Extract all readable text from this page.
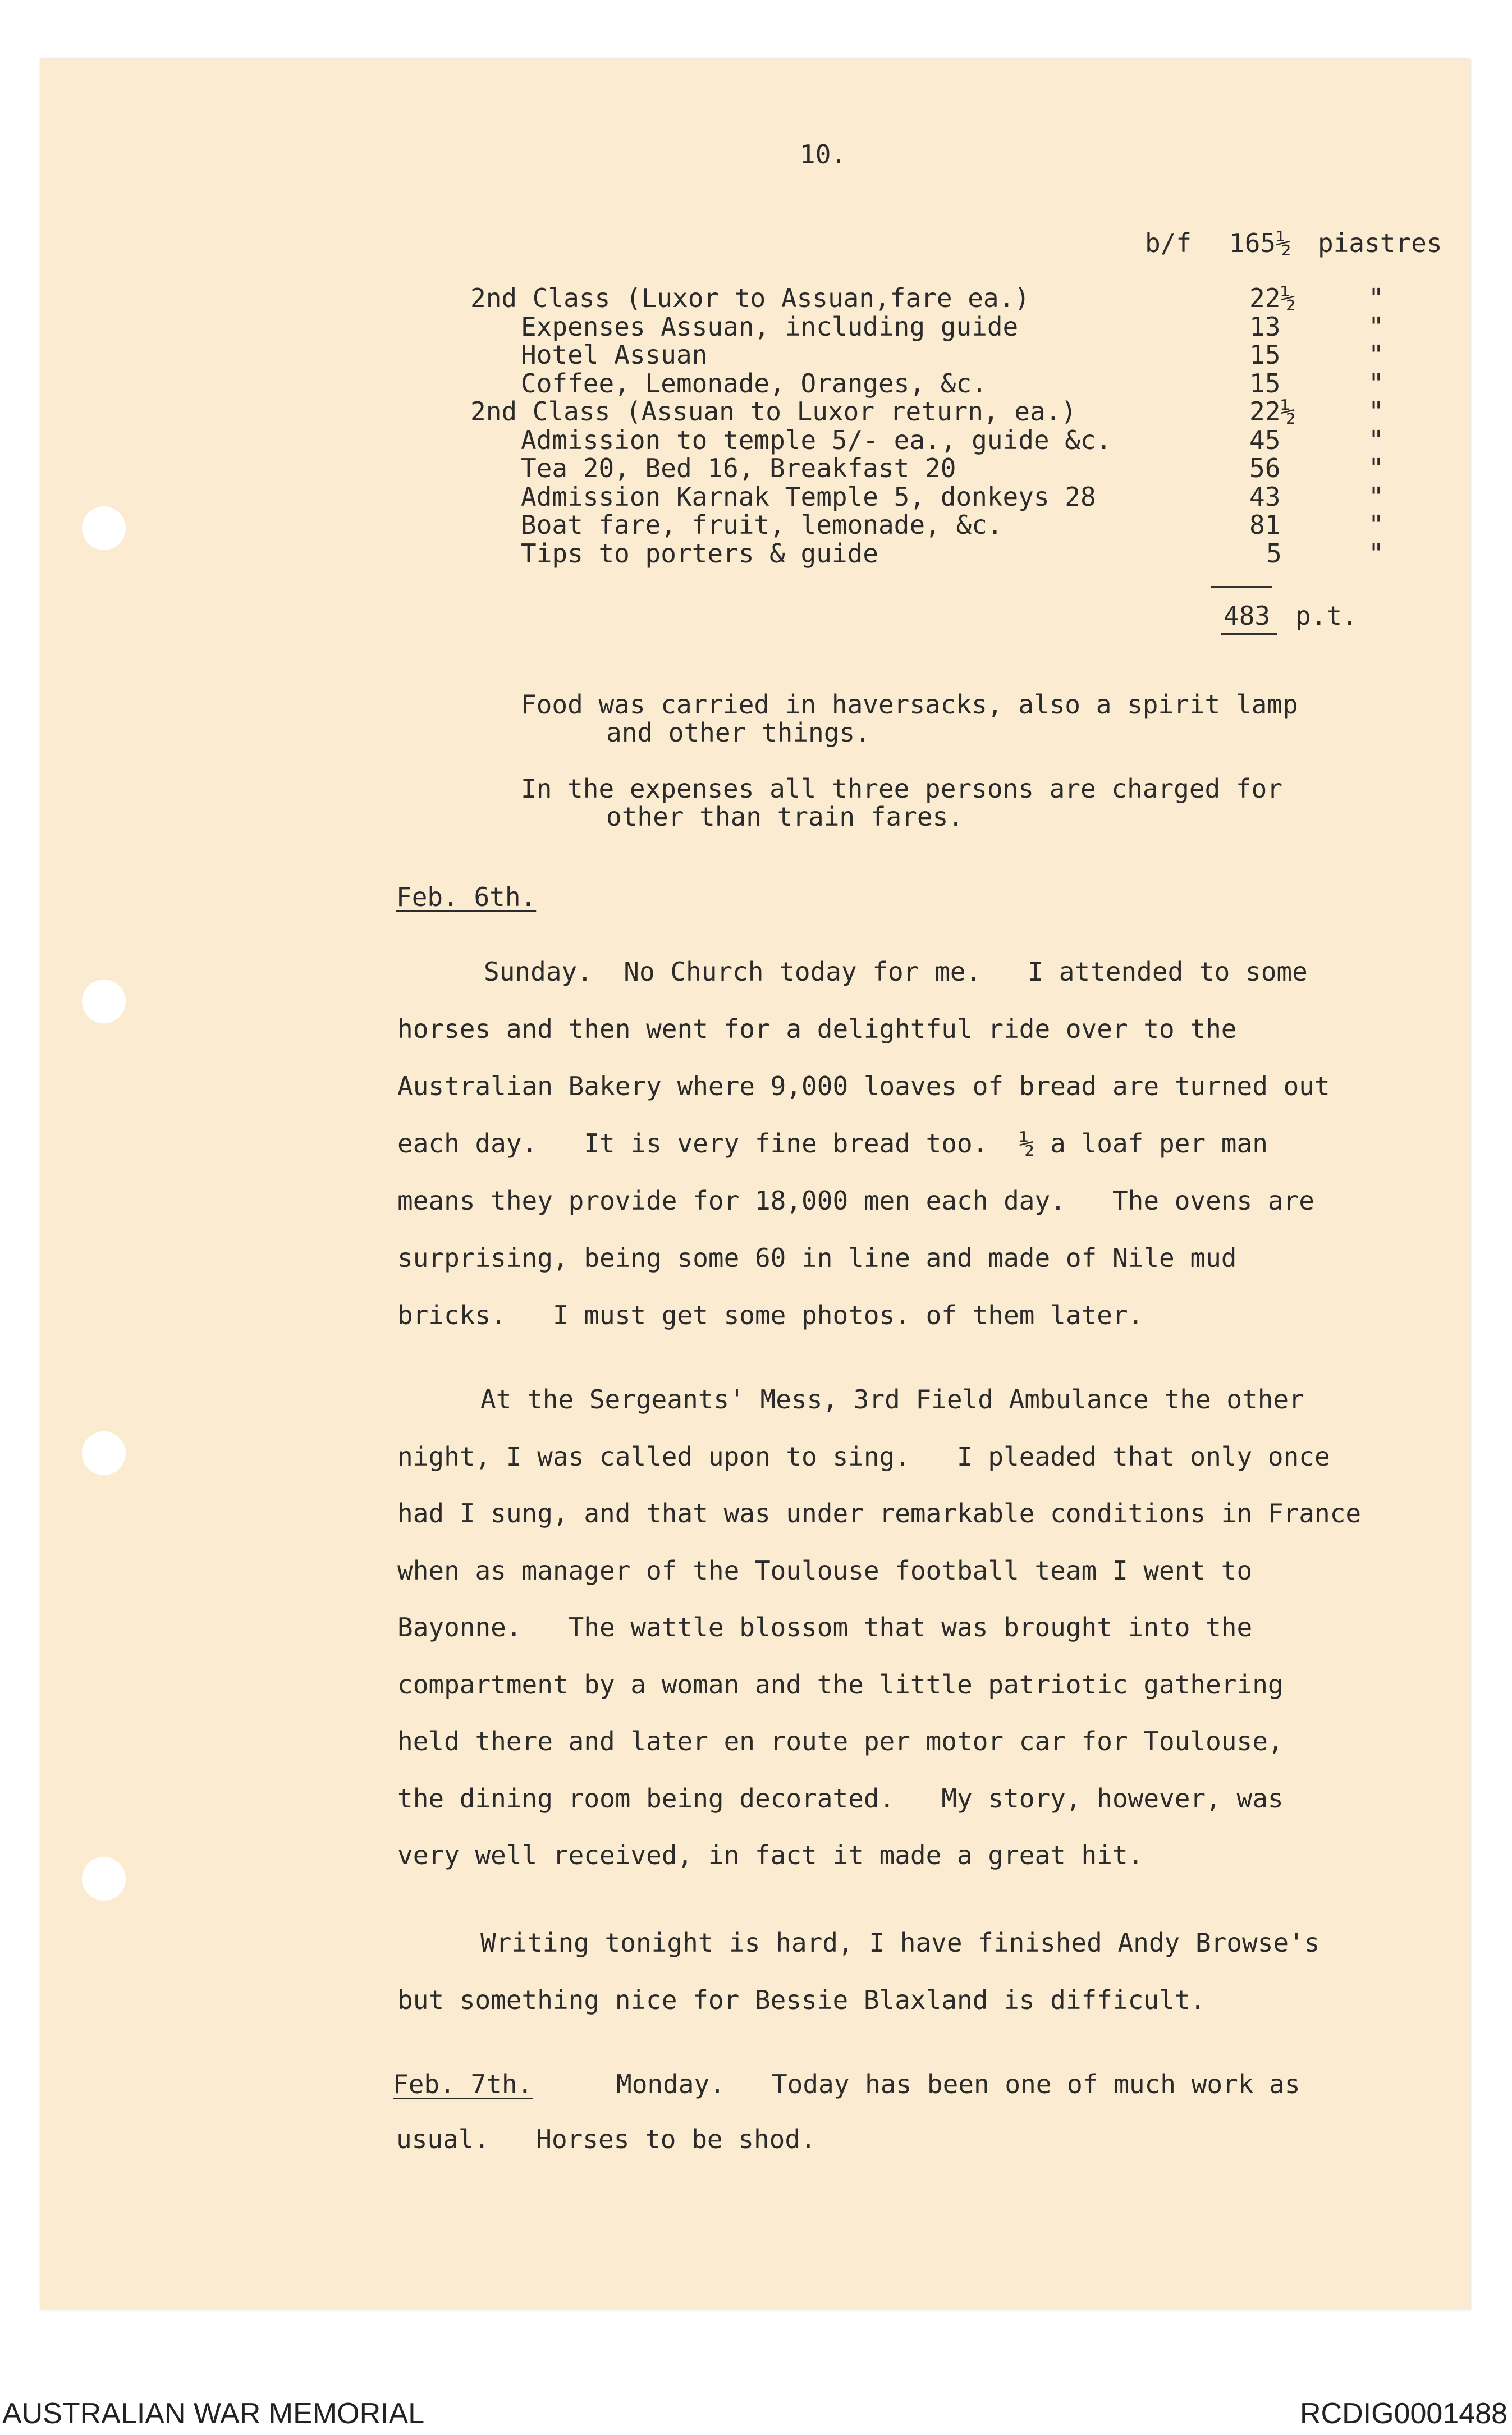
10.
b/f 165½ piastres
2nd Class (Luxor to Assuan,fare ea.)	22½	"
Expenses Assuan, including guide	13	"
Hotel Assuan	15	"
Coffee, Lemonade, Oranges, &c.	15	"
2nd Class (Assuan to Luxor return, ea.)	22½	"
Admission to temple 5/- ea., guide &c.	45	"
Tea 20, Bed 16, Breakfast 20	56	"
Admission Karnak Temple 5, donkeys 28	43	"
Boat fare, fruit, lemonade, &c.	81	"
Tips to porters & guide	5	"
483 p.t.
Food was carried in haversacks, also a spirit lamp
and other things.
In the expenses all three persons are charged for
other than train fares.
Feb. 6th.
Sunday.  No Church today for me.   I attended to some
horses and then went for a delightful ride over to the
Australian Bakery where 9,000 loaves of bread are turned out
each day.   It is very fine bread too.  ½ a loaf per man
means they provide for 18,000 men each day.   The ovens are
surprising, being some 60 in line and made of Nile mud
bricks.   I must get some photos. of them later.
At the Sergeants' Mess, 3rd Field Ambulance the other
night, I was called upon to sing.   I pleaded that only once
had I sung, and that was under remarkable conditions in France
when as manager of the Toulouse football team I went to
Bayonne.   The wattle blossom that was brought into the
compartment by a woman and the little patriotic gathering
held there and later en route per motor car for Toulouse,
the dining room being decorated.   My story, however, was
very well received, in fact it made a great hit.
Writing tonight is hard, I have finished Andy Browse's
but something nice for Bessie Blaxland is difficult.
Feb. 7th.	Monday.   Today has been one of much work as
usual.   Horses to be shod.
AUSTRALIAN WAR MEMORIAL	RCDIG0001488
